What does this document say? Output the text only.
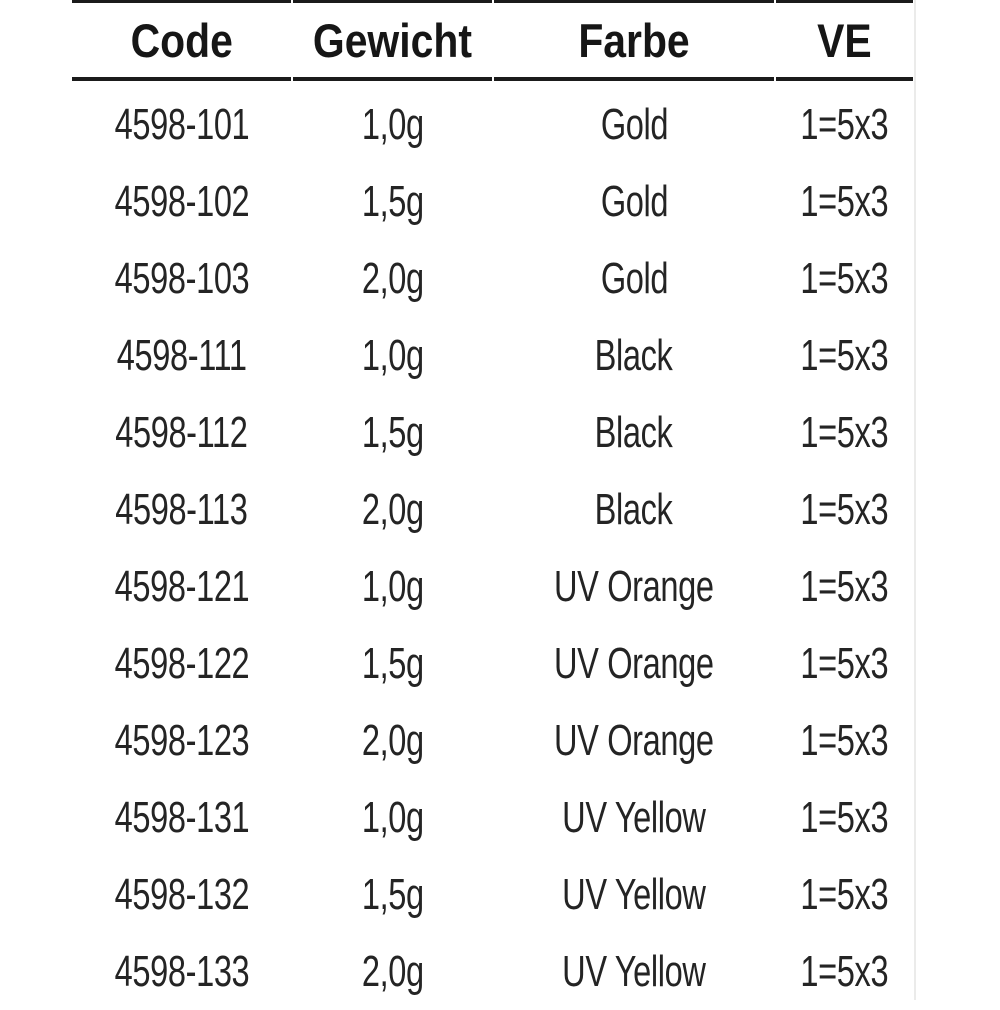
Code Gewicht Farbe	VE
4598-101	1,0g	Gold	1=5x3
4598-102	1,5g	Gold	1=5x3
4598-103	2,0g	Gold	1=5x3
4598-111	1,0g	Black	1=5x3
4598-112	1,5g	Black	1=5x3
4598-113	2,0g	Black	1=5x3
4598-121	1,0g	UV Orange 1=5x3
4598-122	1,5g	UV Orange 1=5x3
4598-123	2,0g	UV Orange 1=5x3
4598-131	1,0g	UV Yellow 1=5x3
4598-132	1,5g	UV Yellow 1=5x3
4598-133	2,0g	UV Yellow 1=5x3
